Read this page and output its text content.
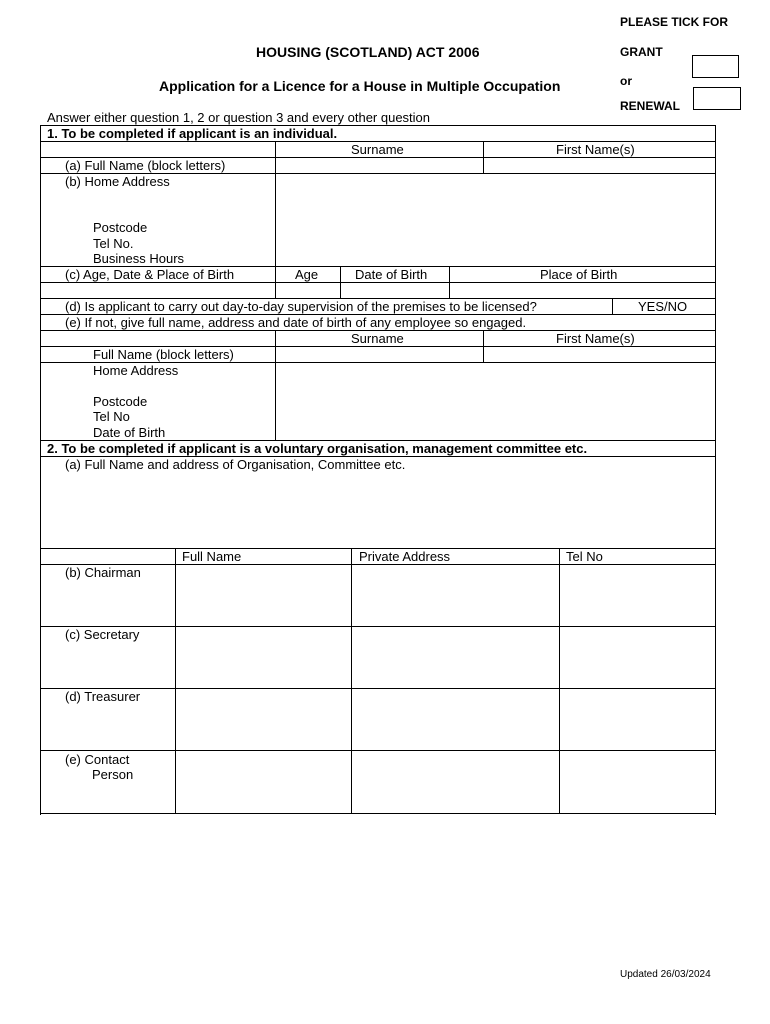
PLEASE TICK FOR
HOUSING (SCOTLAND) ACT 2006	GRANT
or
Application for a Licence for a House in Multiple Occupation
RENEWAL
Answer either question 1, 2 or question 3 and every other question
1. To be completed if applicant is an individual.
Surname	First Name(s)
(a) Full Name (block letters)
(b) Home Address
Postcode
Tel No.
Business Hours
(c) Age, Date & Place of Birth	Age	Date of Birth	Place of Birth
(d) Is applicant to carry out day-to-day supervision of the premises to be licensed?	YES/NO
(e) If not, give full name, address and date of birth of any employee so engaged.
Surname	First Name(s)
Full Name (block letters)
Home Address
Postcode
Tel No
Date of Birth
2. To be completed if applicant is a voluntary organisation, management committee etc.
(a) Full Name and address of Organisation, Committee etc.
Full Name	Private Address	Tel No
(b) Chairman
(c) Secretary
(d) Treasurer
(e) Contact
Person
Updated 26/03/2024
